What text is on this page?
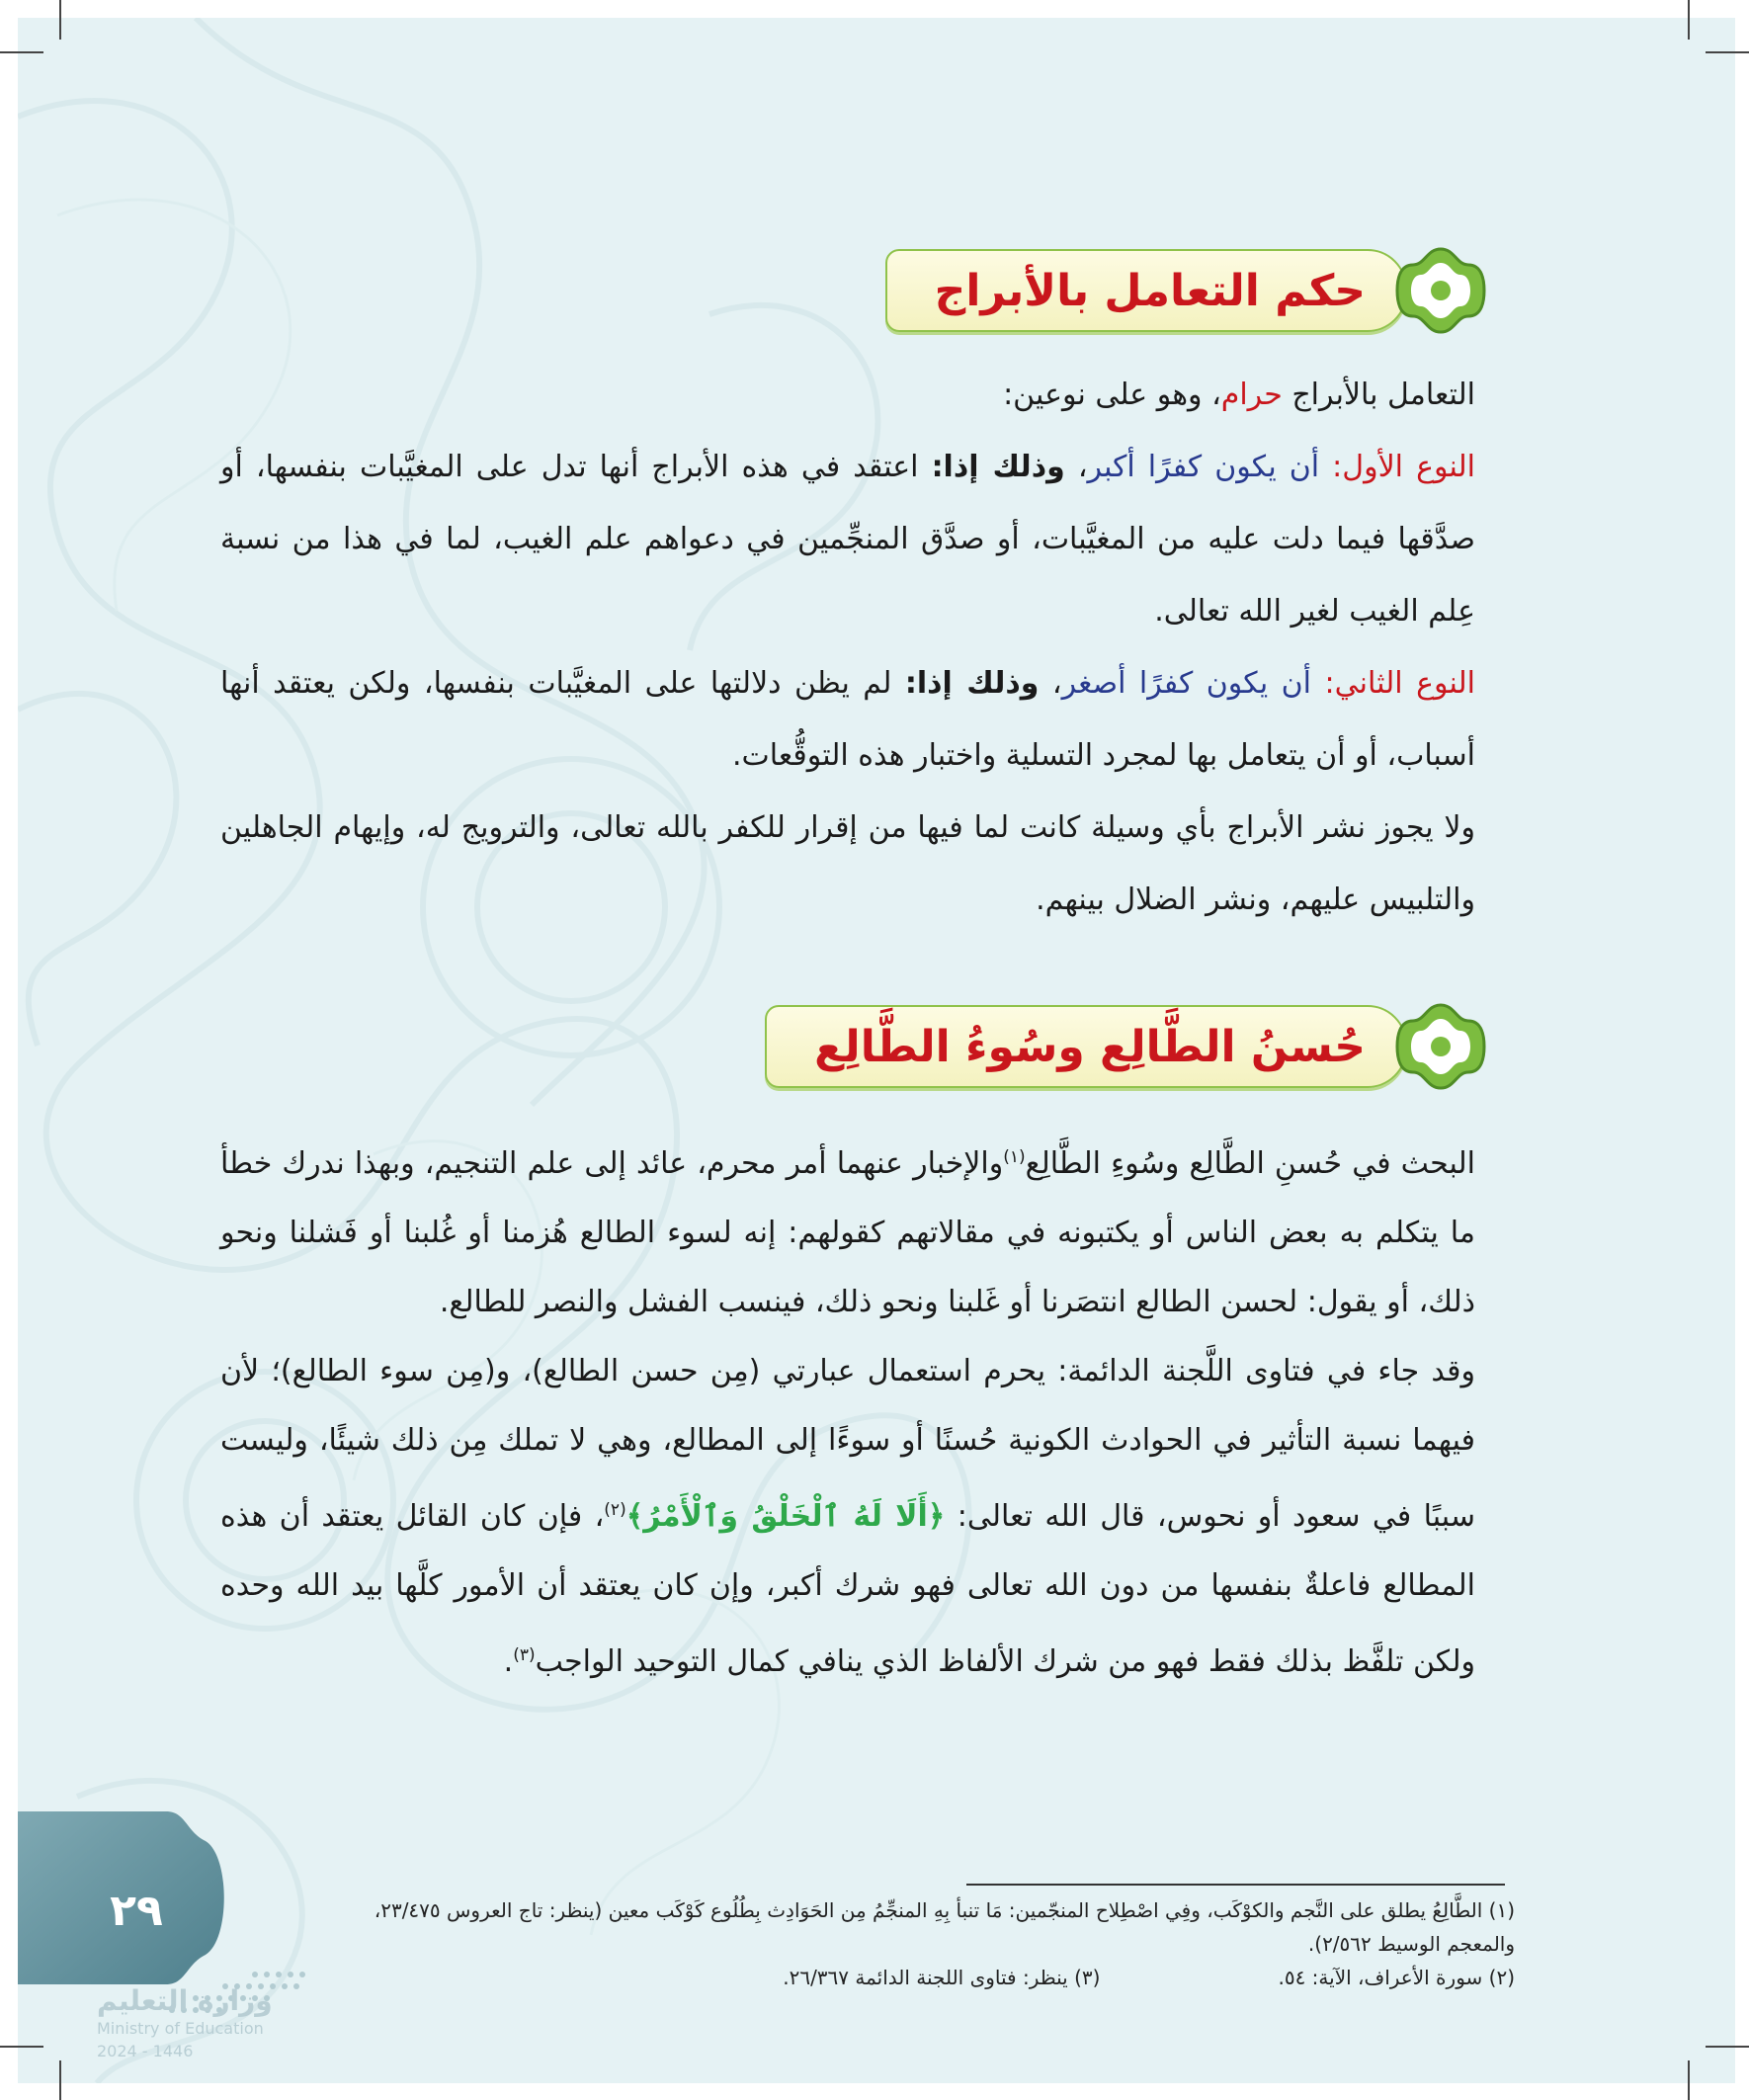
حكم التعامل بالأبراج

التعامل بالأبراج حرام، وهو على نوعين:

النوع الأول: أن يكون كفرًا أكبر، وذلك إذا: اعتقد في هذه الأبراج أنها تدل على المغيَّبات بنفسها، أو صدَّقها فيما دلت عليه من المغيَّبات، أو صدَّق المنجِّمين في دعواهم علم الغيب، لما في هذا من نسبة عِلم الغيب لغير الله تعالى.

النوع الثاني: أن يكون كفرًا أصغر، وذلك إذا: لم يظن دلالتها على المغيَّبات بنفسها، ولكن يعتقد أنها أسباب، أو أن يتعامل بها لمجرد التسلية واختبار هذه التوقُّعات.

ولا يجوز نشر الأبراج بأي وسيلة كانت لما فيها من إقرار للكفر بالله تعالى، والترويج له، وإيهام الجاهلين والتلبيس عليهم، ونشر الضلال بينهم.

حُسنُ الطَّالِع وسُوءُ الطَّالِع

البحث في حُسنِ الطَّالِع وسُوءِ الطَّالِع$^{(١)}$والإخبار عنهما أمر محرم، عائد إلى علم التنجيم، وبهذا ندرك خطأ ما يتكلم به بعض الناس أو يكتبونه في مقالاتهم كقولهم: إنه لسوء الطالع هُزمنا أو غُلبنا أو فَشلنا ونحو ذلك، أو يقول: لحسن الطالع انتصَرنا أو غَلبنا ونحو ذلك، فينسب الفشل والنصر للطالع.

وقد جاء في فتاوى اللَّجنة الدائمة: يحرم استعمال عبارتي (مِن حسن الطالع)، و(مِن سوء الطالع)؛ لأن فيهما نسبة التأثير في الحوادث الكونية حُسنًا أو سوءًا إلى المطالع، وهي لا تملك مِن ذلك شيئًا، وليست سببًا في سعود أو نحوس، قال الله تعالى: ﴿أَلَا لَهُ ٱلْخَلْقُ وَٱلْأَمْرُ﴾$^{(٢)}$، فإن كان القائل يعتقد أن هذه المطالع فاعلةٌ بنفسها من دون الله تعالى فهو شرك أكبر، وإن كان يعتقد أن الأمور كلَّها بيد الله وحده ولكن تلفَّظ بذلك فقط فهو من شرك الألفاظ الذي ينافي كمال التوحيد الواجب$^{(٣)}$.

(١) الطَّالِعُ يطلق على النَّجم والكوْكَب، وفِي اصْطِلاح المنجّمين: مَا تنبأ بِهِ المنجِّمُ مِن الحَوَادِث بِطُلُوع كَوْكَب معين (ينظر: تاج العروس ٢٣/٤٧٥، والمعجم الوسيط ٢/٥٦٢).
(٢) سورة الأعراف، الآية: ٥٤.
(٣) ينظر: فتاوى اللجنة الدائمة ٢٦/٣٦٧.
٢٩
وزارة التعليم
Ministry of Education
2024 - 1446
